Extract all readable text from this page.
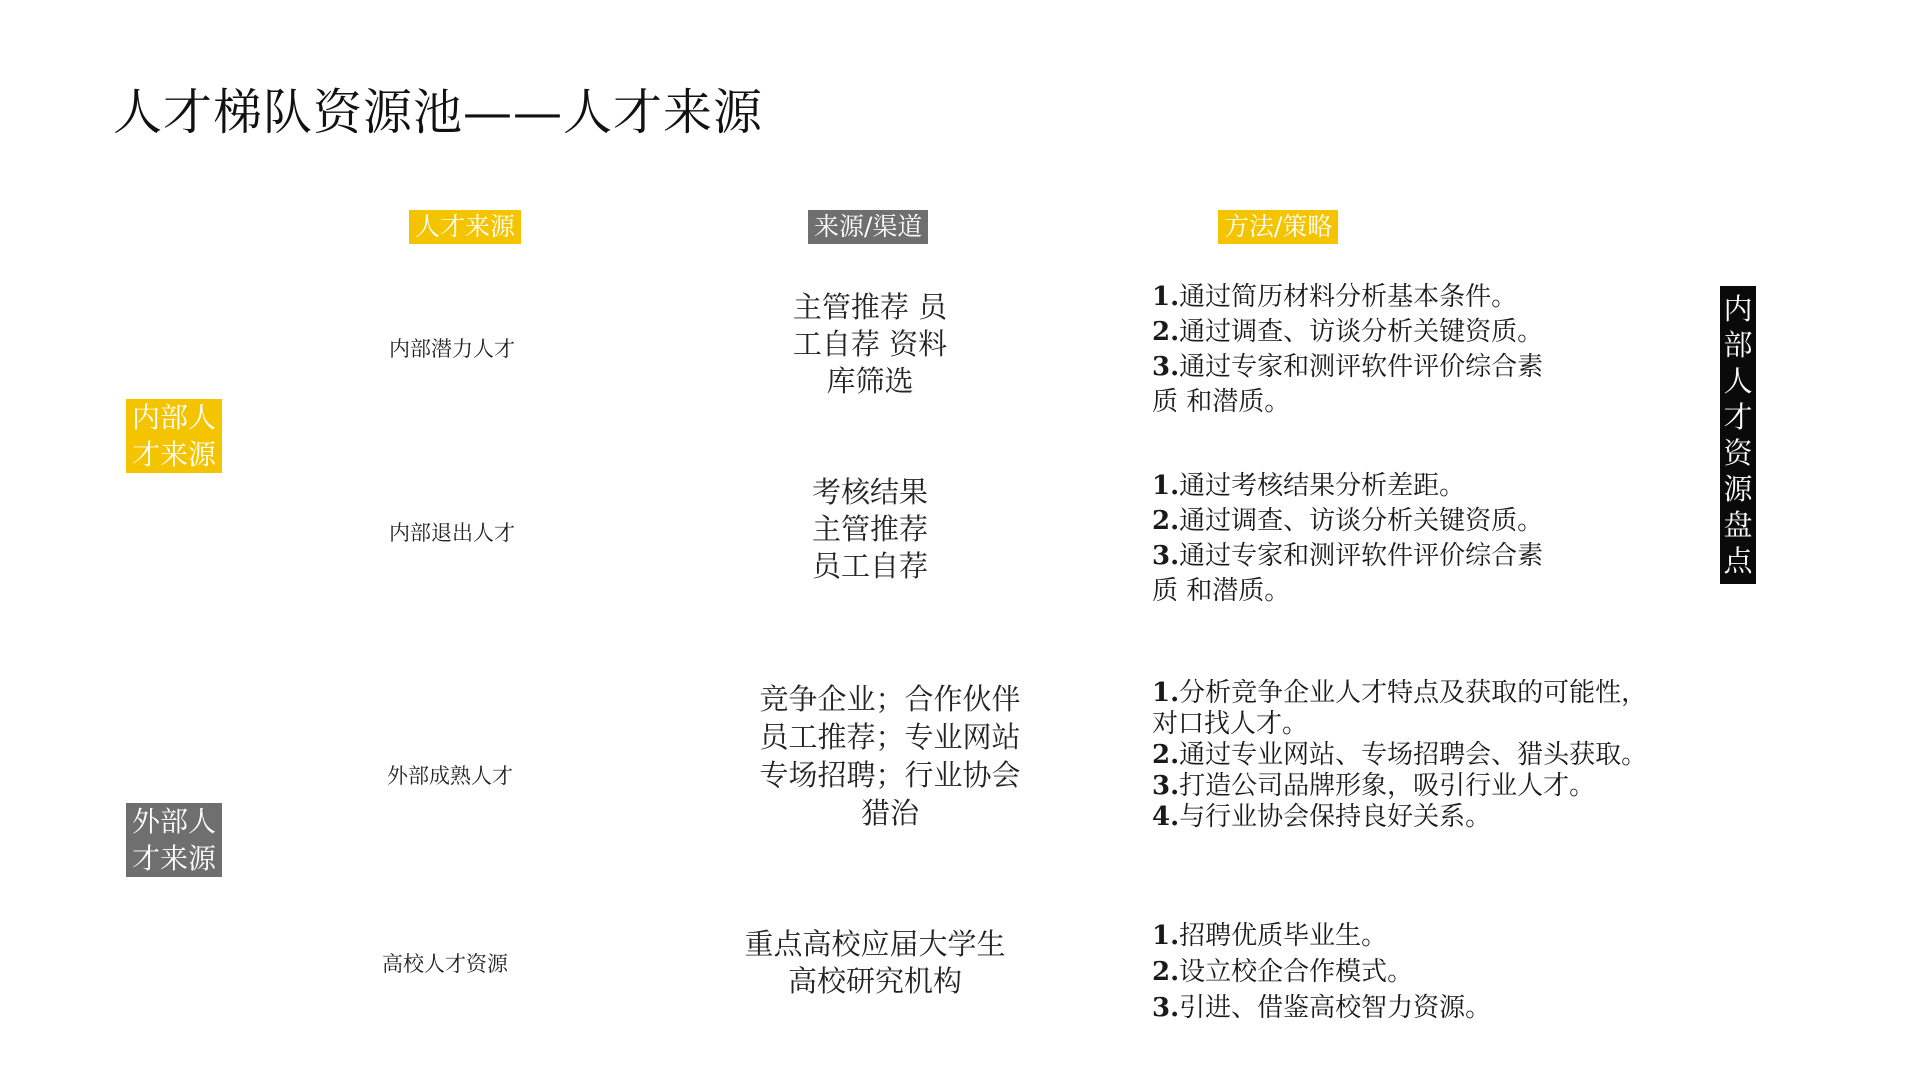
人才梯队资源池——人才来源
人才来源	来源/渠道	方法/策略
内部人才来源
外部人才来源
内部人才资源盘点
内部潜力人才
主管推荐 员
工自荐 资料
库筛选
1.通过简历材料分析基本条件。
2.通过调查、访谈分析关键资质。
3.通过专家和测评软件评价综合素
质 和潜质。
内部退出人才
考核结果
主管推荐
员工自荐
1.通过考核结果分析差距。
2.通过调查、访谈分析关键资质。
3.通过专家和测评软件评价综合素
质 和潜质。
外部成熟人才
竞争企业；合作伙伴
员工推荐；专业网站
专场招聘；行业协会
猎治
1.分析竞争企业人才特点及获取的可能性，
对口找人才。
2.通过专业网站、专场招聘会、猎头获取。
3.打造公司品牌形象，吸引行业人才。
4.与行业协会保持良好关系。
高校人才资源
重点高校应届大学生
高校研究机构
1.招聘优质毕业生。
2.设立校企合作模式。
3.引进、借鉴高校智力资源。
